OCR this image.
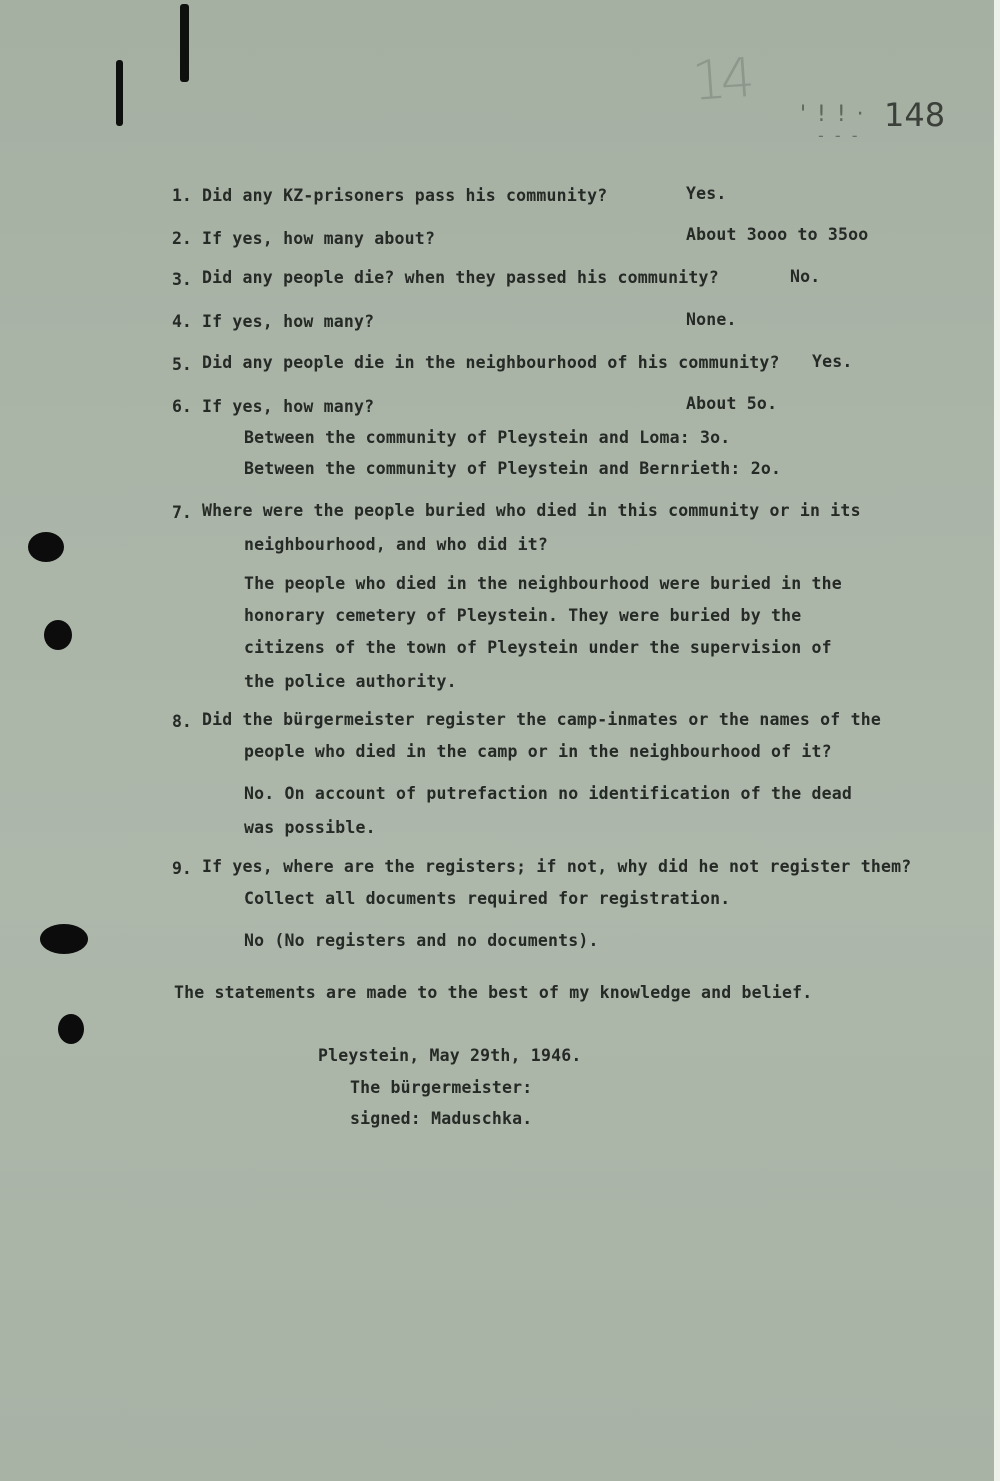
14
' ! ! ·
- - -
148
1. Did any KZ-prisoners pass his community?	Yes.
2. If yes, how many about?	About 3ooo to 35oo
3. Did any people die? when they passed his community?	No.
4. If yes, how many?	None.
5. Did any people die in the neighbourhood of his community? Yes.
6. If yes, how many?	About 5o.
Between the community of Pleystein and Loma: 3o.
Between the community of Pleystein and Bernrieth: 2o.
7. Where were the people buried who died in this community or in its
neighbourhood, and who did it?
The people who died in the neighbourhood were buried in the
honorary cemetery of Pleystein. They were buried by the
citizens of the town of Pleystein under the supervision of
the police authority.
8. Did the bürgermeister register the camp-inmates or the names of the
people who died in the camp or in the neighbourhood of it?
No. On account of putrefaction no identification of the dead
was possible.
9. If yes, where are the registers; if not, why did he not register them?
Collect all documents required for registration.
No (No registers and no documents).
The statements are made to the best of my knowledge and belief.
Pleystein, May 29th, 1946.
The bürgermeister:
signed: Maduschka.
